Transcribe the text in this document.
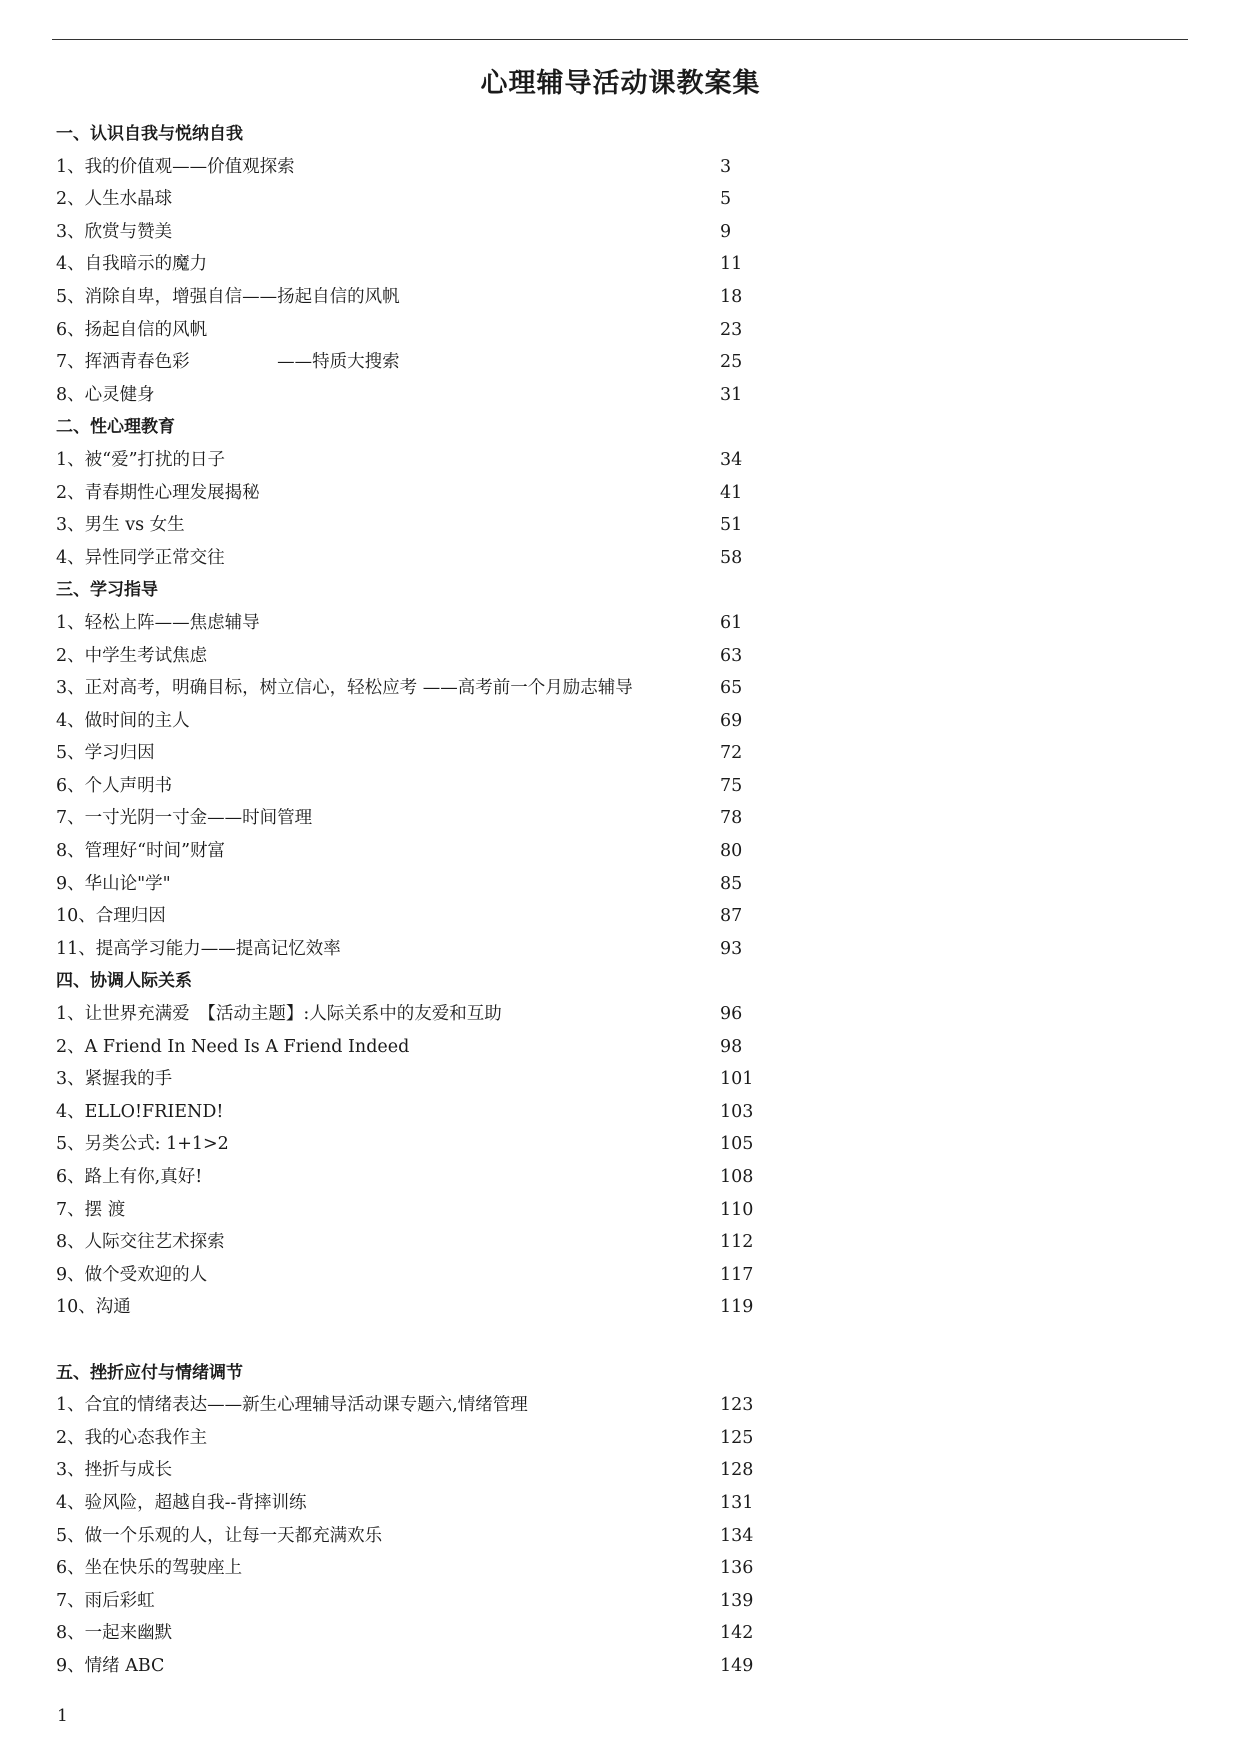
心理辅导活动课教案集
一、认识自我与悦纳自我
1、我的价值观——价值观探索	3
2、人生水晶球	5
3、欣赏与赞美	9
4、自我暗示的魔力	11
5、消除自卑，增强自信——扬起自信的风帆	18
6、扬起自信的风帆	23
7、挥洒青春色彩　　　　　——特质大搜索	25
8、心灵健身	31
二、性心理教育
1、被“爱”打扰的日子	34
2、青春期性心理发展揭秘	41
3、男生 vs 女生	51
4、异性同学正常交往	58
三、学习指导
1、轻松上阵——焦虑辅导	61
2、中学生考试焦虑	63
3、正对高考，明确目标，树立信心，轻松应考 ——高考前一个月励志辅导	65
4、做时间的主人	69
5、学习归因	72
6、个人声明书	75
7、一寸光阴一寸金——时间管理	78
8、管理好“时间”财富	80
9、华山论"学"	85
10、合理归因	87
11、提高学习能力——提高记忆效率	93
四、协调人际关系
1、让世界充满爱　【活动主题】:人际关系中的友爱和互助	96
2、A Friend In Need Is A Friend Indeed	98
3、紧握我的手	101
4、ELLO!FRIEND!	103
5、另类公式: 1+1>2	105
6、路上有你,真好!	108
7、摆 渡	110
8、人际交往艺术探索	112
9、做个受欢迎的人	117
10、沟通	119
五、挫折应付与情绪调节
1、合宜的情绪表达——新生心理辅导活动课专题六,情绪管理	123
2、我的心态我作主	125
3、挫折与成长	128
4、验风险，超越自我--背摔训练	131
5、做一个乐观的人，让每一天都充满欢乐	134
6、坐在快乐的驾驶座上	136
7、雨后彩虹	139
8、一起来幽默	142
9、情绪 ABC	149
1
